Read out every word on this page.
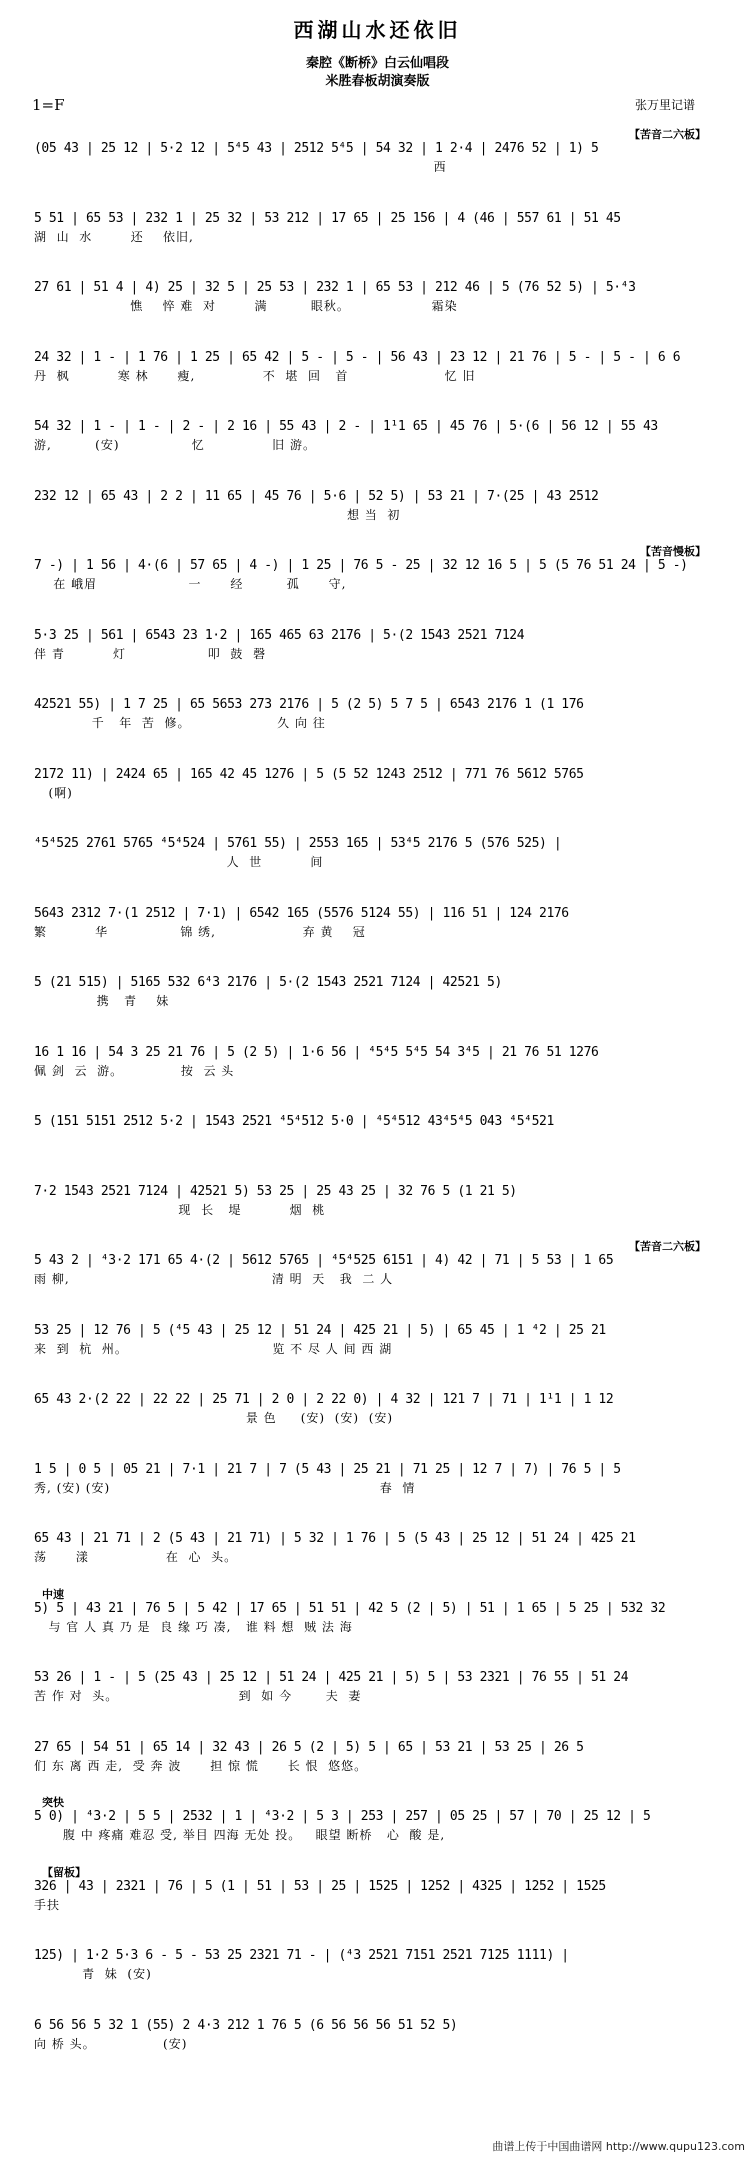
西湖山水还依旧
秦腔《断桥》白云仙唱段
米胜春板胡演奏版
1=F	张万里记谱
【苦音二六板】
(05 43 | 25 12 | 5·2 12 | 5⁴5 43 | 2512 5⁴5 | 54 32 | 1 2·4 | 2476 52 | 1) 5
西
5 51 | 65 53 | 232 1 | 25 32 | 53 212 | 17 65 | 25 156 | 4 (46 | 557 61 | 51 45
湖  山  水        还    依旧,
27 61 | 51 4 | 4) 25 | 32 5 | 25 53 | 232 1 | 65 53 | 212 46 | 5 (76 52 5) | 5·⁴3
憔    悴 难  对        满         眼秋。                 霜染
24 32 | 1 - | 1 76 | 1 25 | 65 42 | 5 - | 5 - | 56 43 | 23 12 | 21 76 | 5 - | 5 - | 6 6
丹  枫          寒 林      瘦,              不  堪  回   首                    忆 旧
54 32 | 1 - | 1 - | 2 - | 2 16 | 55 43 | 2 - | 1¹1 65 | 45 76 | 5·(6 | 56 12 | 55 43
游,         (安)               忆              旧 游。
232 12 | 65 43 | 2 2 | 11 65 | 45 76 | 5·6 | 52 5) | 53 21 | 7·(25 | 43 2512
想 当  初
【苦音慢板】
7 -) | 1 56 | 4·(6 | 57 65 | 4 -) | 1 25 | 76 5 - 25 | 32 12 16 5 | 5 (5 76 51 24 | 5 -)
在 峨眉                   一      经         孤      守,
5·3 25 | 561 | 6543 23 1·2 | 165 465 63 2176 | 5·(2 1543 2521 7124
伴 青          灯                 叩  鼓  磬
42521 55) | 1 7 25 | 65 5653 273 2176 | 5 (2 5) 5 7 5 | 6543 2176 1 (1 176
千   年  苦  修。                  久 向 往
2172 11) | 2424 65 | 165 42 45 1276 | 5 (5 52 1243 2512 | 771 76 5612 5765
(啊)
⁴5⁴525 2761 5765 ⁴5⁴524 | 5761 55) | 2553 165 | 53⁴5 2176 5 (576 525) |
人  世          间
5643 2312 7·(1 2512 | 7·1) | 6542 165 (5576 5124 55) | 116 51 | 124 2176
繁          华               锦 绣,                  弃 黄    冠
5 (21 515) | 5165 532 6⁴3 2176 | 5·(2 1543 2521 7124 | 42521 5)
携   青    妹
16 1 16 | 54 3 25 21 76 | 5 (2 5) | 1·6 56 | ⁴5⁴5 5⁴5 54 3⁴5 | 21 76 51 1276
佩 剑  云  游。            按  云 头
5 (151 5151 2512 5·2 | 1543 2521 ⁴5⁴512 5·0 | ⁴5⁴512 43⁴5⁴5 043 ⁴5⁴521
7·2 1543 2521 7124 | 42521 5) 53 25 | 25 43 25 | 32 76 5 (1 21 5)
现  长   堤          烟  桃
【苦音二六板】
5 43 2 | ⁴3·2 171 65 4·(2 | 5612 5765 | ⁴5⁴525 6151 | 4) 42 | 71 | 5 53 | 1 65
雨 柳,                                          清 明  天   我  二 人
53 25 | 12 76 | 5 (⁴5 43 | 25 12 | 51 24 | 425 21 | 5) | 65 45 | 1 ⁴2 | 25 21
来  到  杭  州。                              览 不 尽 人 间 西 湖
65 43 2·(2 22 | 22 22 | 25 71 | 2 0 | 2 22 0) | 4 32 | 121 7 | 71 | 1¹1 | 1 12
景 色     (安)  (安)  (安)
1 5 | 0 5 | 05 21 | 7·1 | 21 7 | 7 (5 43 | 25 21 | 71 25 | 12 7 | 7) | 76 5 | 5
秀, (安) (安)                                                        春  情
65 43 | 21 71 | 2 (5 43 | 21 71) | 5 32 | 1 76 | 5 (5 43 | 25 12 | 51 24 | 425 21
荡      漾                在  心  头。
中速
5) 5 | 43 21 | 76 5 | 5 42 | 17 65 | 51 51 | 42 5 (2 | 5) | 51 | 1 65 | 5 25 | 532 32
与 官 人 真 乃 是  良 缘 巧 凑,   谁 料 想  贼 法 海
53 26 | 1 - | 5 (25 43 | 25 12 | 51 24 | 425 21 | 5) 5 | 53 2321 | 76 55 | 51 24
苦 作 对  头。                         到  如 今       夫  妻
27 65 | 54 51 | 65 14 | 32 43 | 26 5 (2 | 5) 5 | 65 | 53 21 | 53 25 | 26 5
们 东 离 西 走,  受 奔 波      担 惊 慌      长 恨  悠悠。
突快
5 0) | ⁴3·2 | 5 5 | 2532 | 1 | ⁴3·2 | 5 3 | 253 | 257 | 05 25 | 57 | 70 | 25 12 | 5
腹 中 疼痛 难忍 受, 举目 四海 无处 投。   眼望 断桥   心  酸 是,
【留板】
326 | 43 | 2321 | 76 | 5 (1 | 51 | 53 | 25 | 1525 | 1252 | 4325 | 1252 | 1525
手扶
125) | 1·2 5·3 6 - 5 - 53 25 2321 71 - | (⁴3 2521 7151 2521 7125 1111) |
青  妹  (安)
6 56 56 5 32 1 (55) 2 4·3 212 1 76 5 (6 56 56 56 51 52 5)
向 桥 头。              (安)
曲谱上传于中国曲谱网 http://www.qupu123.com
